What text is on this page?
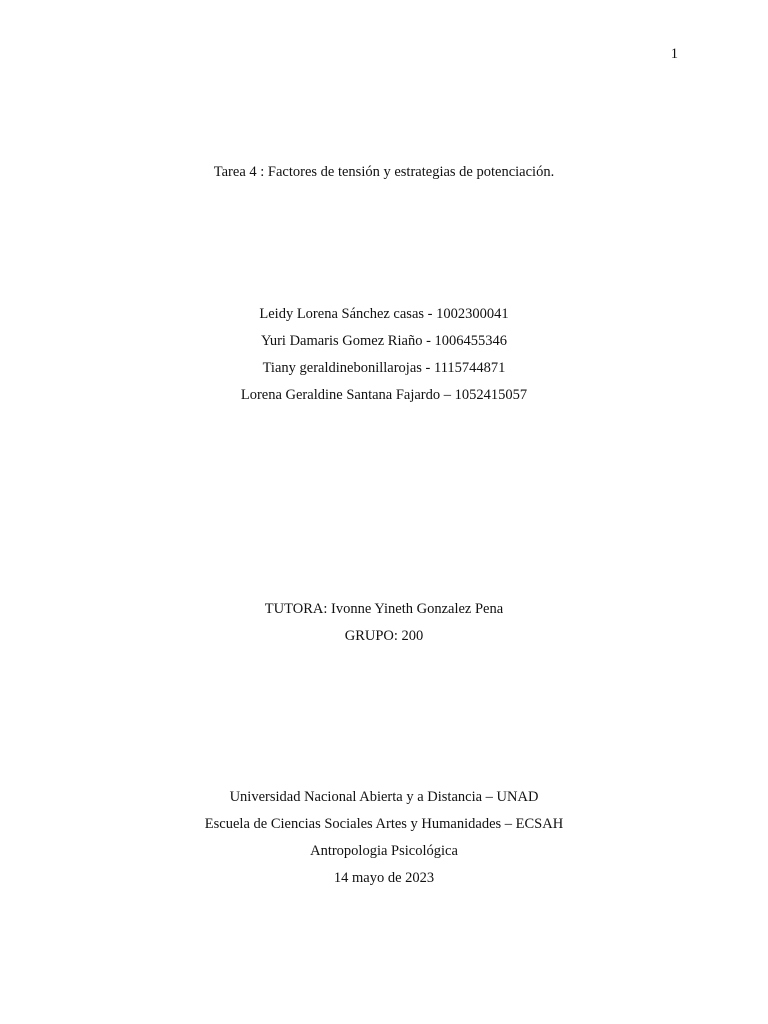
1
Tarea 4 : Factores de tensión y estrategias de potenciación.
Leidy Lorena Sánchez casas - 1002300041
Yuri Damaris Gomez Riaño - 1006455346
Tiany geraldinebonillarojas - 1115744871
Lorena Geraldine Santana Fajardo – 1052415057
TUTORA: Ivonne Yineth Gonzalez Pena
GRUPO: 200
Universidad Nacional Abierta y a Distancia – UNAD
Escuela de Ciencias Sociales Artes y Humanidades – ECSAH
Antropologia Psicológica
14 mayo de 2023
